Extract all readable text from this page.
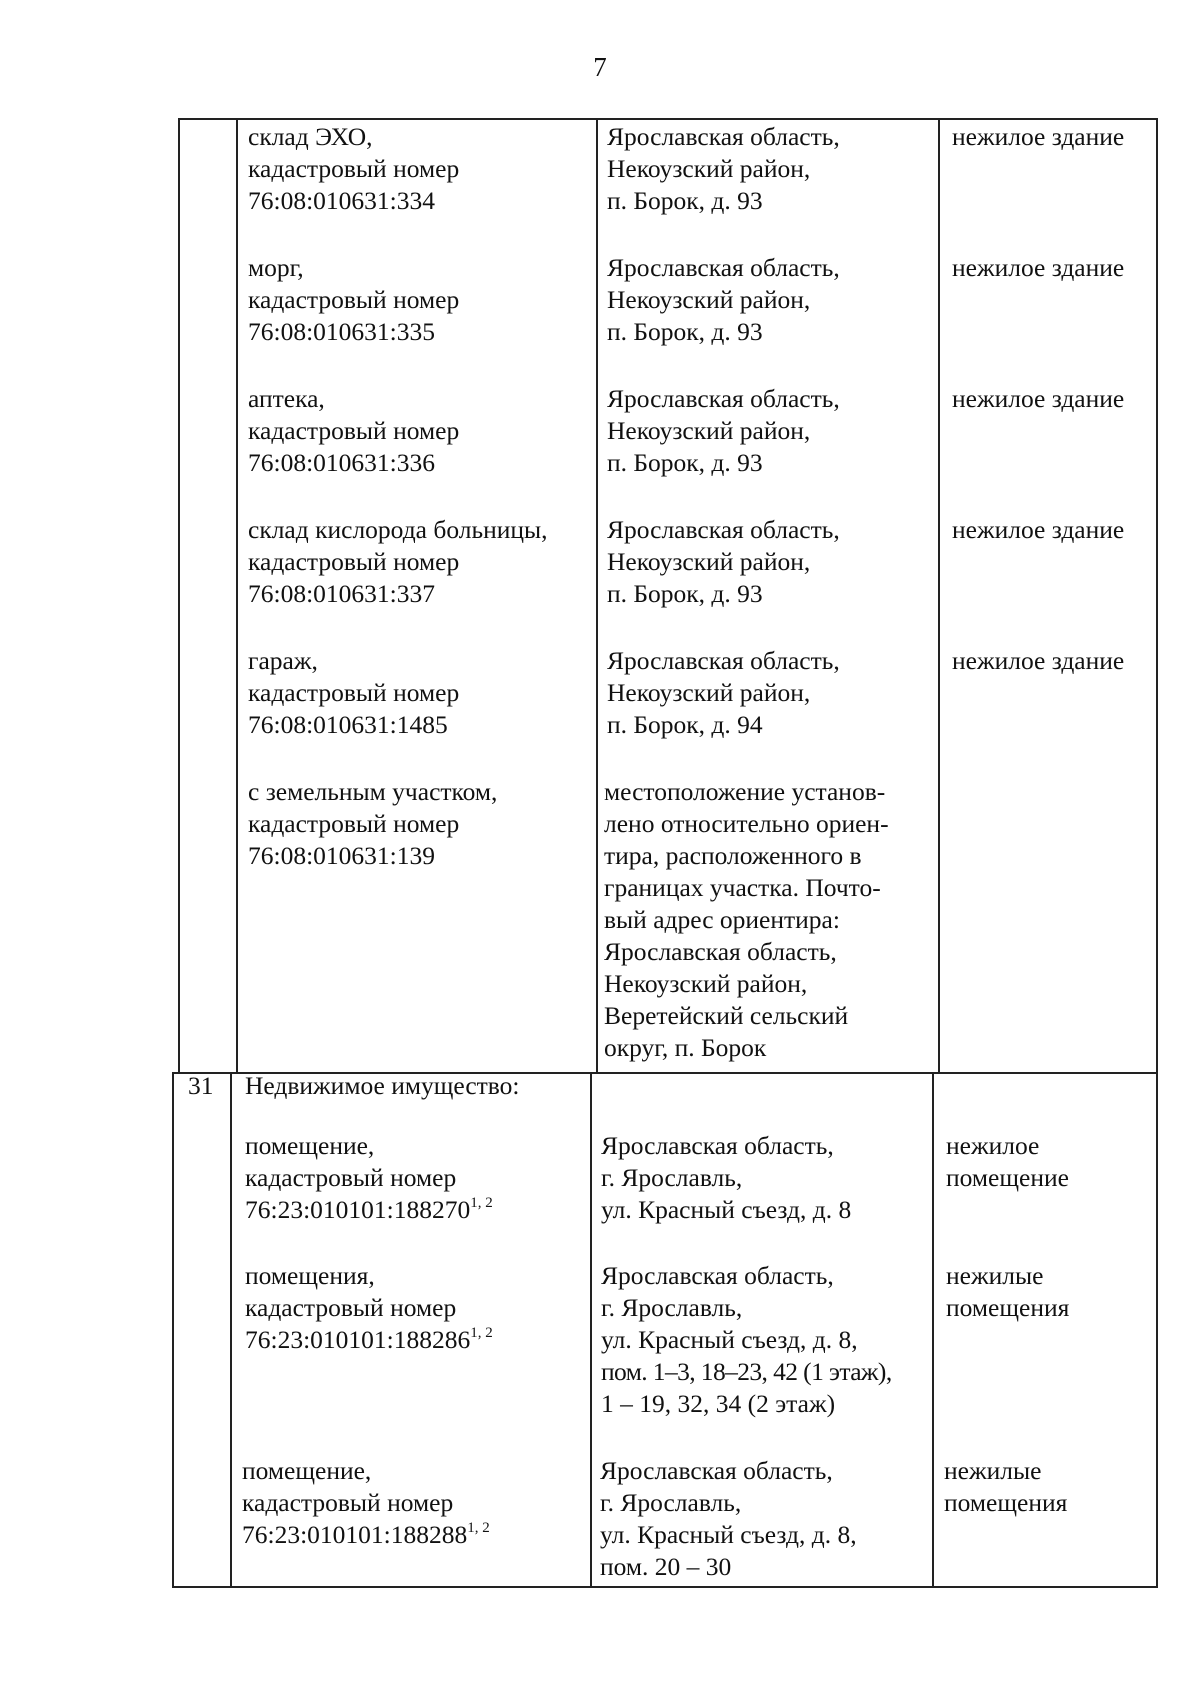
7
склад ЭХО,
кадастровый номер
76:08:010631:334
Ярославская область,
Некоузский район,
п. Борок, д. 93
нежилое здание
морг,
кадастровый номер
76:08:010631:335
Ярославская область,
Некоузский район,
п. Борок, д. 93
нежилое здание
аптека,
кадастровый номер
76:08:010631:336
Ярославская область,
Некоузский район,
п. Борок, д. 93
нежилое здание
склад кислорода больницы,
кадастровый номер
76:08:010631:337
Ярославская область,
Некоузский район,
п. Борок, д. 93
нежилое здание
гараж,
кадастровый номер
76:08:010631:1485
Ярославская область,
Некоузский район,
п. Борок, д. 94
нежилое здание
с земельным участком,
кадастровый номер
76:08:010631:139
местоположение установ-
лено относительно ориен-
тира, расположенного в
границах участка. Почто-
вый адрес ориентира:
Ярославская область,
Некоузский район,
Веретейский сельский
округ, п. Борок
31 Недвижимое имущество:
помещение,
кадастровый номер
76:23:010101:188270$^{1, 2}$
Ярославская область,
г. Ярославль,
ул. Красный съезд, д. 8
нежилое
помещение
помещения,
кадастровый номер
76:23:010101:188286$^{1, 2}$
Ярославская область,
г. Ярославль,
ул. Красный съезд, д. 8,
пом. 1–3, 18–23, 42 (1 этаж),
1 – 19, 32, 34 (2 этаж)
нежилые
помещения
помещение,
кадастровый номер
76:23:010101:188288$^{1, 2}$
Ярославская область,
г. Ярославль,
ул. Красный съезд, д. 8,
пом. 20 – 30
нежилые
помещения
